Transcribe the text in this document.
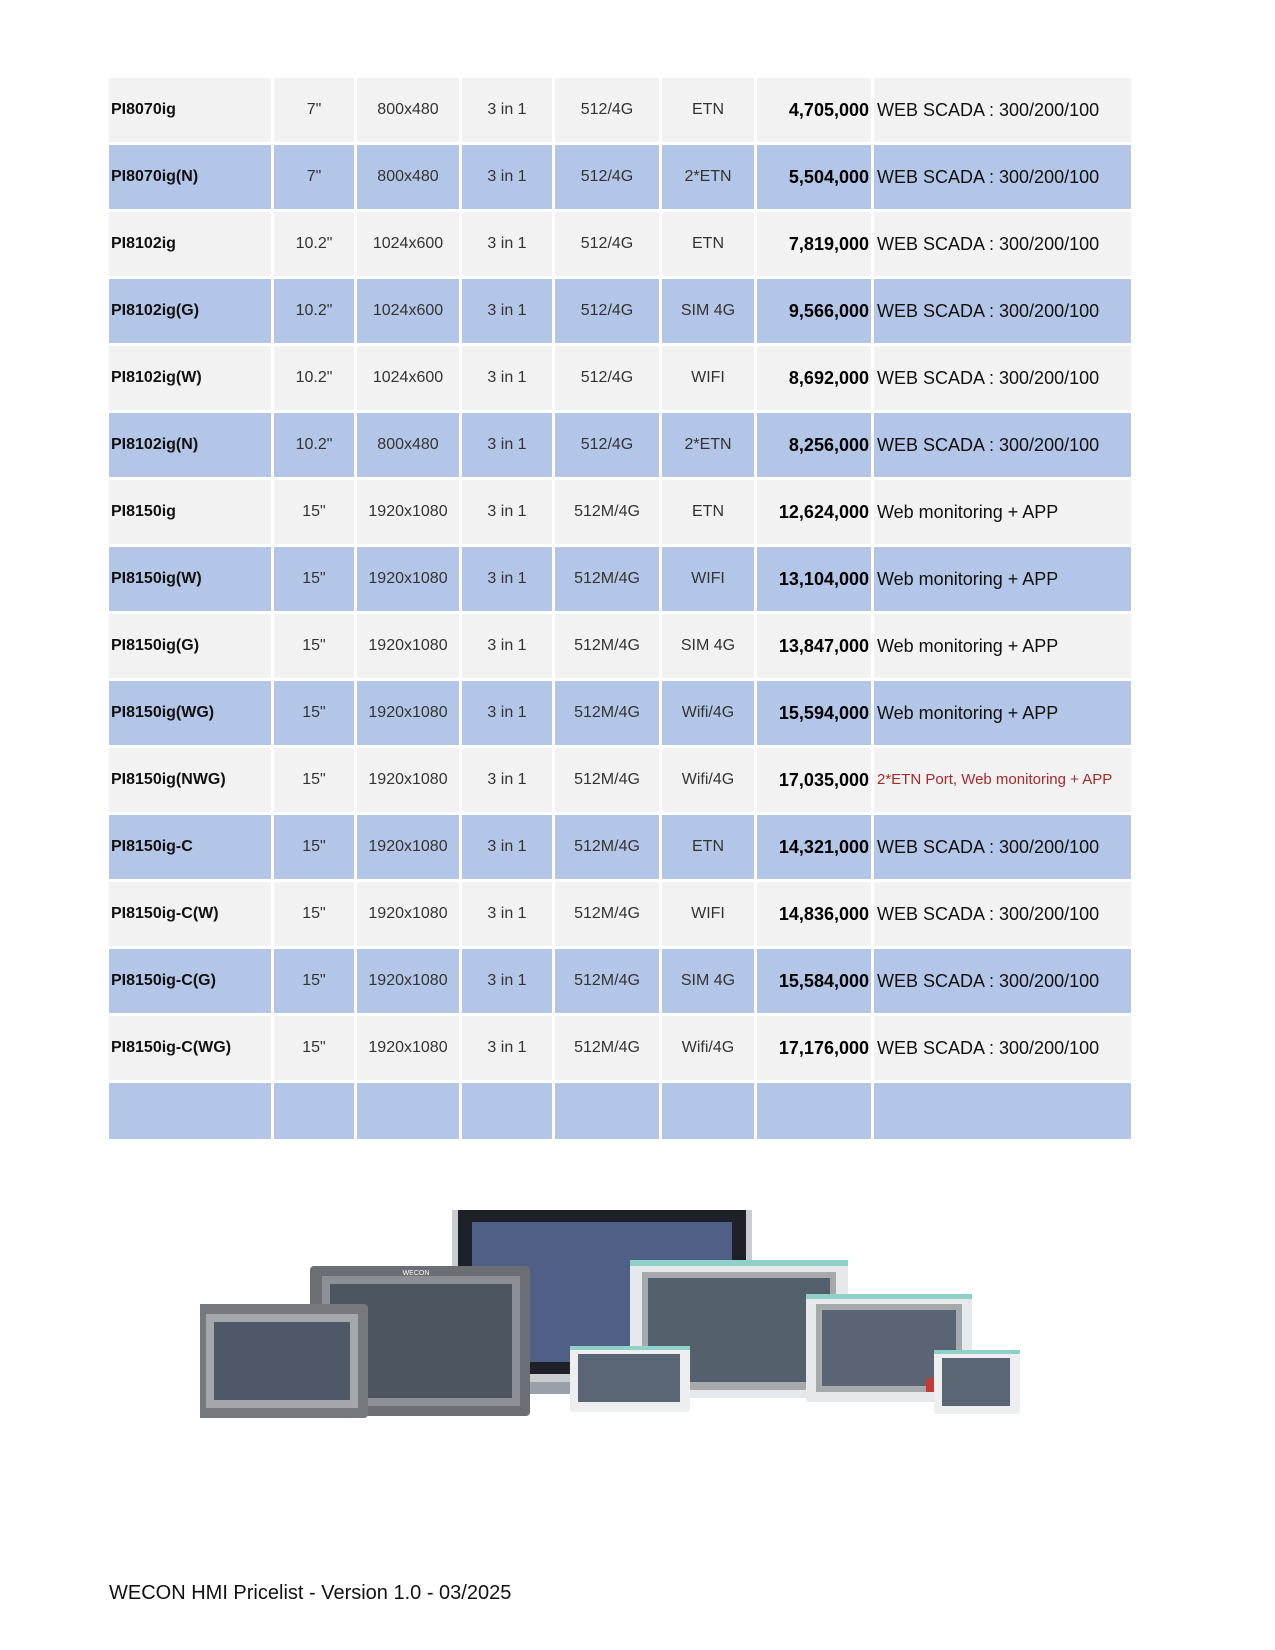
PI8070ig	7"	800x480	3 in 1	512/4G	ETN	4,705,000	WEB SCADA : 300/200/100
PI8070ig(N)	7"	800x480	3 in 1	512/4G	2*ETN	5,504,000	WEB SCADA : 300/200/100
PI8102ig	10.2"	1024x600	3 in 1	512/4G	ETN	7,819,000	WEB SCADA : 300/200/100
PI8102ig(G)	10.2"	1024x600	3 in 1	512/4G	SIM 4G	9,566,000	WEB SCADA : 300/200/100
PI8102ig(W)	10.2"	1024x600	3 in 1	512/4G	WIFI	8,692,000	WEB SCADA : 300/200/100
PI8102ig(N)	10.2"	800x480	3 in 1	512/4G	2*ETN	8,256,000	WEB SCADA : 300/200/100
PI8150ig	15"	1920x1080	3 in 1	512M/4G	ETN	12,624,000	Web monitoring + APP
PI8150ig(W)	15"	1920x1080	3 in 1	512M/4G	WIFI	13,104,000	Web monitoring + APP
PI8150ig(G)	15"	1920x1080	3 in 1	512M/4G	SIM 4G	13,847,000	Web monitoring + APP
PI8150ig(WG)	15"	1920x1080	3 in 1	512M/4G	Wifi/4G	15,594,000	Web monitoring + APP
PI8150ig(NWG)	15"	1920x1080	3 in 1	512M/4G	Wifi/4G	17,035,000	2*ETN Port, Web monitoring + APP
PI8150ig-C	15"	1920x1080	3 in 1	512M/4G	ETN	14,321,000	WEB SCADA : 300/200/100
PI8150ig-C(W)	15"	1920x1080	3 in 1	512M/4G	WIFI	14,836,000	WEB SCADA : 300/200/100
PI8150ig-C(G)	15"	1920x1080	3 in 1	512M/4G	SIM 4G	15,584,000	WEB SCADA : 300/200/100
PI8150ig-C(WG)	15"	1920x1080	3 in 1	512M/4G	Wifi/4G	17,176,000	WEB SCADA : 300/200/100

WECON
WECON HMI Pricelist - Version 1.0 - 03/2025
